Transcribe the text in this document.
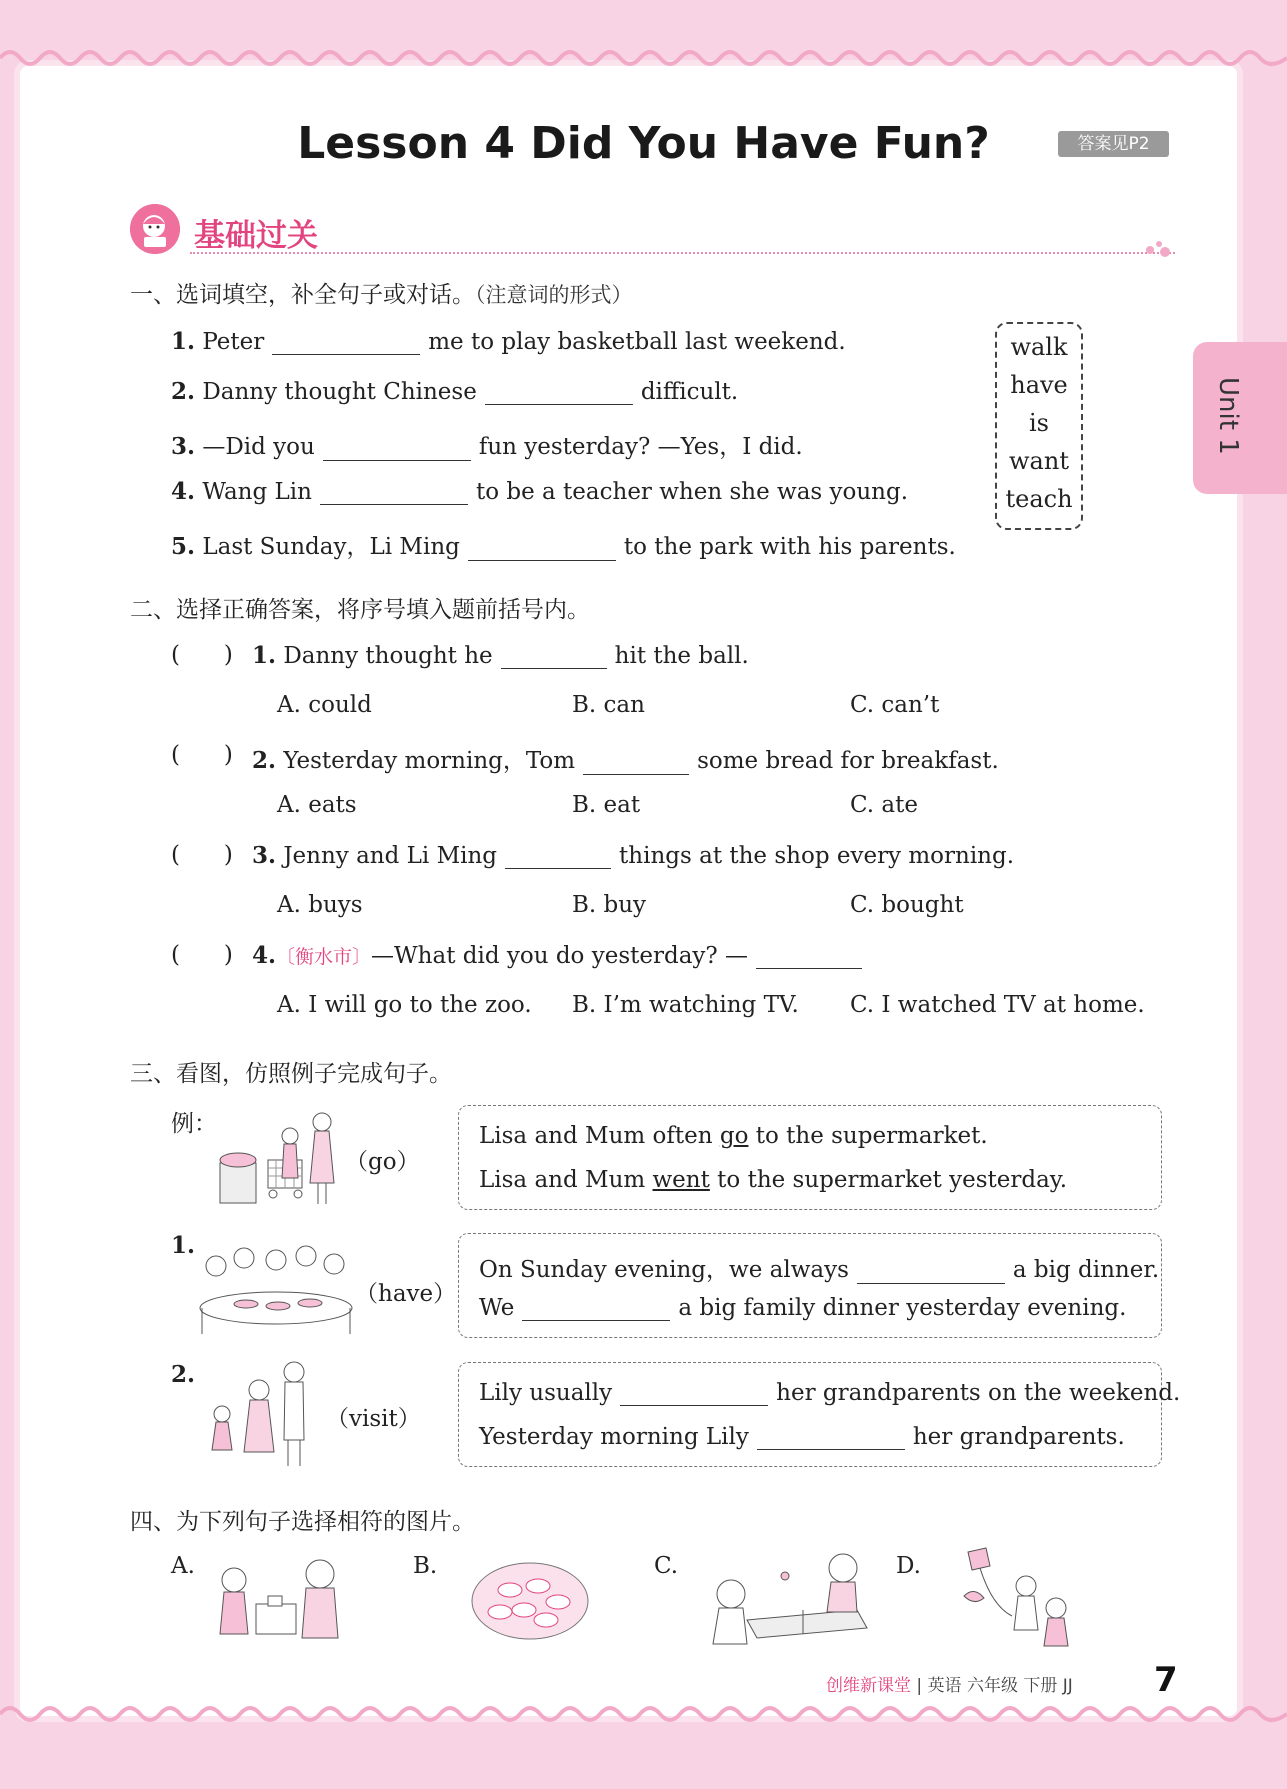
Lesson 4 Did You Have Fun?	答案见P2
Unit 1
基础过关
一、选词填空，补全句子或对话。（注意词的形式）
1. Peter	me to play basketball last weekend.
2. Danny thought Chinese	difficult.
3. —Did you	fun yesterday? —Yes，I did.
4. Wang Lin	to be a teacher when she was young.
5. Last Sunday，Li Ming	to the park with his parents.
walk
have
is
want
teach
二、选择正确答案，将序号填入题前括号内。
(      ) 1. Danny thought he	hit the ball.
A. could	B. can	C. can’t
(      ) 2. Yesterday morning，Tom	some bread for breakfast.
A. eats	B. eat	C. ate
(      ) 3. Jenny and Li Ming	things at the shop every morning.
A. buys	B. buy	C. bought
(      ) 4.〔衡水市〕—What did you do yesterday? —
A. I will go to the zoo. B. I’m watching TV. C. I watched TV at home.
三、看图，仿照例子完成句子。
例：
（go）
Lisa and Mum often go to the supermarket.
Lisa and Mum went to the supermarket yesterday.
1.
（have）
On Sunday evening，we always	a big dinner.
We	a big family dinner yesterday evening.
2.
（visit）
Lily usually	her grandparents on the weekend.
Yesterday morning Lily	her grandparents.
四、为下列句子选择相符的图片。
A.	B.	C.	D.
创维新课堂 | 英语 六年级 下册 JJ 7
